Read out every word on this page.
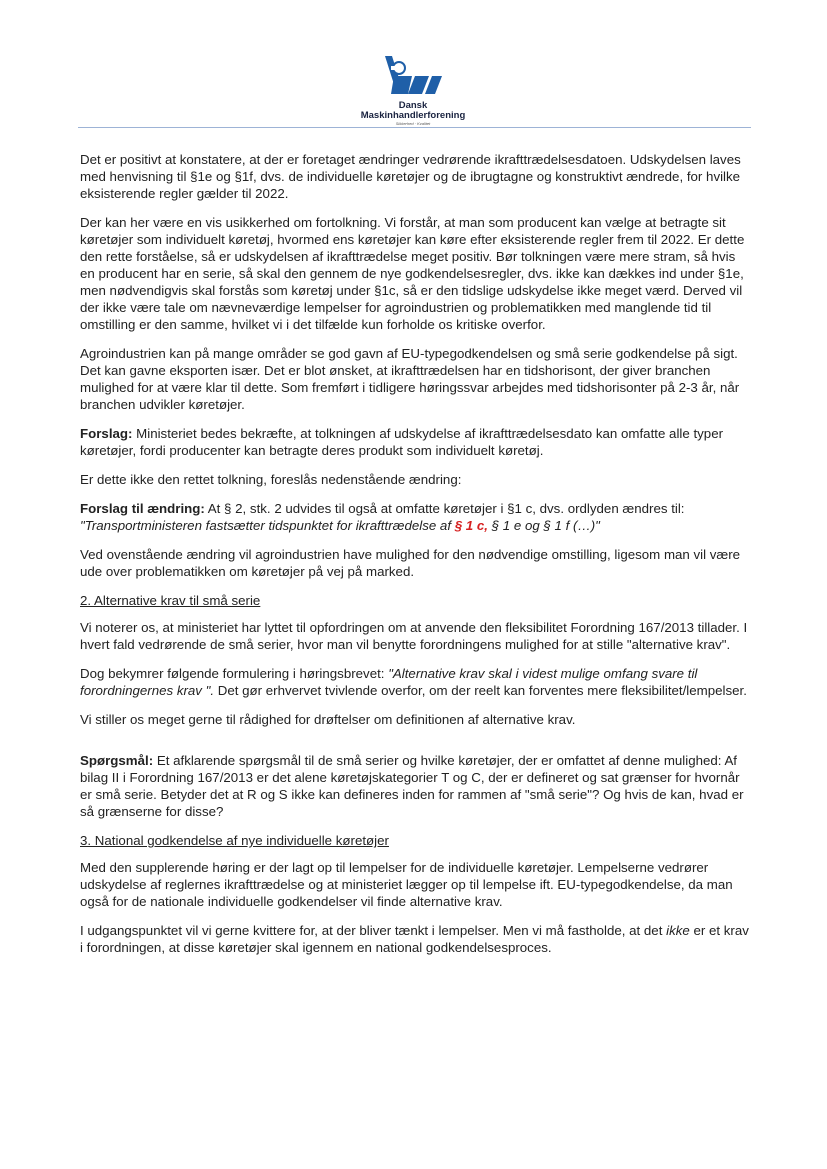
Dansk
Maskinhandlerforening
Sikkerhed · Kvalitet

Det er positivt at konstatere, at der er foretaget ændringer vedrørende ikrafttrædelsesdatoen. Udskydelsen laves med henvisning til §1e og §1f, dvs. de individuelle køretøjer og de ibrugtagne og konstruktivt ændrede, for hvilke eksisterende regler gælder til 2022.

Der kan her være en vis usikkerhed om fortolkning. Vi forstår, at man som producent kan vælge at betragte sit køretøjer som individuelt køretøj, hvormed ens køretøjer kan køre efter eksisterende regler frem til 2022. Er dette den rette forståelse, så er udskydelsen af ikrafttrædelse meget positiv. Bør tolkningen være mere stram, så hvis en producent har en serie, så skal den gennem de nye godkendelsesregler, dvs. ikke kan dækkes ind under §1e, men nødvendigvis skal forstås som køretøj under §1c, så er den tidslige udskydelse ikke meget værd. Derved vil der ikke være tale om nævneværdige lempelser for agroindustrien og problematikken med manglende tid til omstilling er den samme, hvilket vi i det tilfælde kun forholde os kritiske overfor.

Agroindustrien kan på mange områder se god gavn af EU-typegodkendelsen og små serie godkendelse på sigt. Det kan gavne eksporten især. Det er blot ønsket, at ikrafttrædelsen har en tidshorisont, der giver branchen mulighed for at være klar til dette. Som fremført i tidligere høringssvar arbejdes med tidshorisonter på 2-3 år, når branchen udvikler køretøjer.

Forslag: Ministeriet bedes bekræfte, at tolkningen af udskydelse af ikrafttrædelsesdato kan omfatte alle typer køretøjer, fordi producenter kan betragte deres produkt som individuelt køretøj.

Er dette ikke den rettet tolkning, foreslås nedenstående ændring:

Forslag til ændring: At § 2, stk. 2 udvides til også at omfatte køretøjer i §1 c, dvs. ordlyden ændres til:
"Transportministeren fastsætter tidspunktet for ikrafttrædelse af § 1 c, § 1 e og § 1 f (…)"

Ved ovenstående ændring vil agroindustrien have mulighed for den nødvendige omstilling, ligesom man vil være ude over problematikken om køretøjer på vej på marked.

2. Alternative krav til små serie

Vi noterer os, at ministeriet har lyttet til opfordringen om at anvende den fleksibilitet Forordning 167/2013 tillader. I hvert fald vedrørende de små serier, hvor man vil benytte forordningens mulighed for at stille "alternative krav".

Dog bekymrer følgende formulering i høringsbrevet: "Alternative krav skal i videst mulige omfang svare til forordningernes krav ". Det gør erhvervet tvivlende overfor, om der reelt kan forventes mere fleksibilitet/lempelser.

Vi stiller os meget gerne til rådighed for drøftelser om definitionen af alternative krav.

Spørgsmål: Et afklarende spørgsmål til de små serier og hvilke køretøjer, der er omfattet af denne mulighed: Af bilag II i Forordning 167/2013 er det alene køretøjskategorier T og C, der er defineret og sat grænser for hvornår er små serie. Betyder det at R og S ikke kan defineres inden for rammen af "små serie"? Og hvis de kan, hvad er så grænserne for disse?

3. National godkendelse af nye individuelle køretøjer

Med den supplerende høring er der lagt op til lempelser for de individuelle køretøjer. Lempelserne vedrører udskydelse af reglernes ikrafttrædelse og at ministeriet lægger op til lempelse ift. EU-typegodkendelse, da man også for de nationale individuelle godkendelser vil finde alternative krav.

I udgangspunktet vil vi gerne kvittere for, at der bliver tænkt i lempelser. Men vi må fastholde, at det ikke er et krav i forordningen, at disse køretøjer skal igennem en national godkendelsesproces.
